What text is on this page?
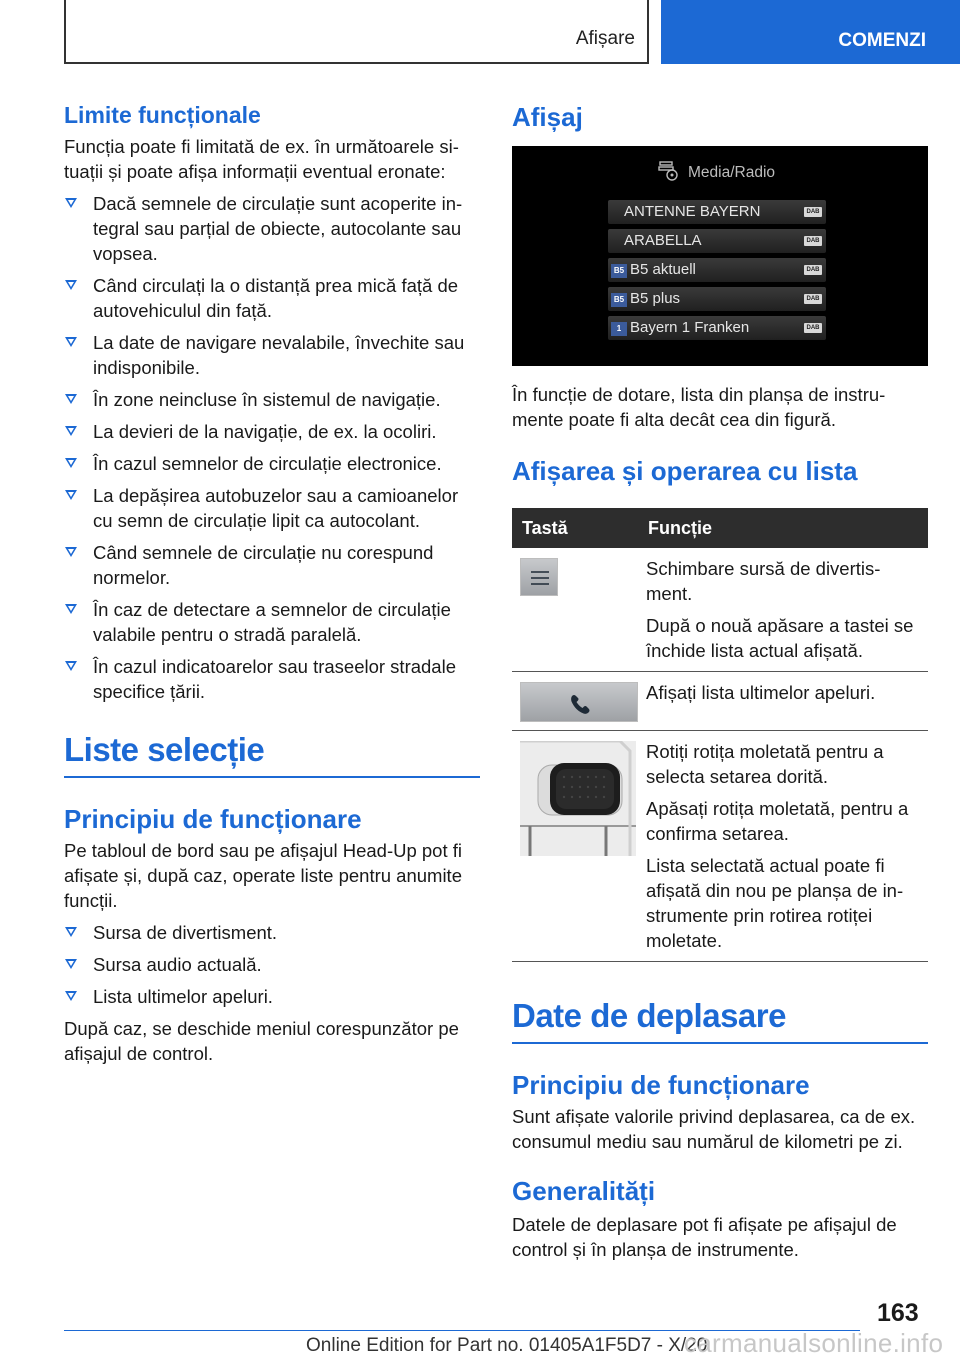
Afișare	COMENZI
Limite funcționale
Funcția poate fi limitată de ex. în următoarele si- tuații și poate afișa informații eventual eronate:
Dacă semnele de circulație sunt acoperite in- tegral sau parțial de obiecte, autocolante sau vopsea.
Când circulați la o distanță prea mică față de autovehiculul din față.
La date de navigare nevalabile, învechite sau indisponibile.
În zone neincluse în sistemul de navigație.
La devieri de la navigație, de ex. la ocoliri.
În cazul semnelor de circulație electronice.
La depășirea autobuzelor sau a camioanelor cu semn de circulație lipit ca autocolant.
Când semnele de circulație nu corespund normelor.
În caz de detectare a semnelor de circulație valabile pentru o stradă paralelă.
În cazul indicatoarelor sau traseelor stradale specifice țării.
Liste selecție
Principiu de funcționare
Pe tabloul de bord sau pe afișajul Head-Up pot fi afișate și, după caz, operate liste pentru anumite funcții.
Sursa de divertisment.
Sursa audio actuală.
Lista ultimelor apeluri.
După caz, se deschide meniul corespunzător pe afișajul de control.
Afișaj
Media/Radio
ANTENNE BAYERN	DAB
ARABELLA	DAB
B5 B5 aktuell	DAB
B5 B5 plus	DAB
1 Bayern 1 Franken	DAB
În funcție de dotare, lista din planșa de instru- mente poate fi alta decât cea din figură.
Afișarea și operarea cu lista
Tastă	Funcție

Schimbare sursă de divertis- ment.
După o nouă apăsare a tastei se închide lista actual afișată.

Afișați lista ultimelor apeluri.

Rotiți rotița moletată pentru a selecta setarea dorită.
Apăsați rotița moletată, pentru a confirma setarea.
Lista selectată actual poate fi afișată din nou pe planșa de in- strumente prin rotirea rotiței moletate.
Date de deplasare
Principiu de funcționare
Sunt afișate valorile privind deplasarea, ca de ex. consumul mediu sau numărul de kilometri pe zi.
Generalități
Datele de deplasare pot fi afișate pe afișajul de control și în planșa de instrumente.
163
Online Edition for Part no. 01405A1F5D7 - X/20
carmanualsonline.info
